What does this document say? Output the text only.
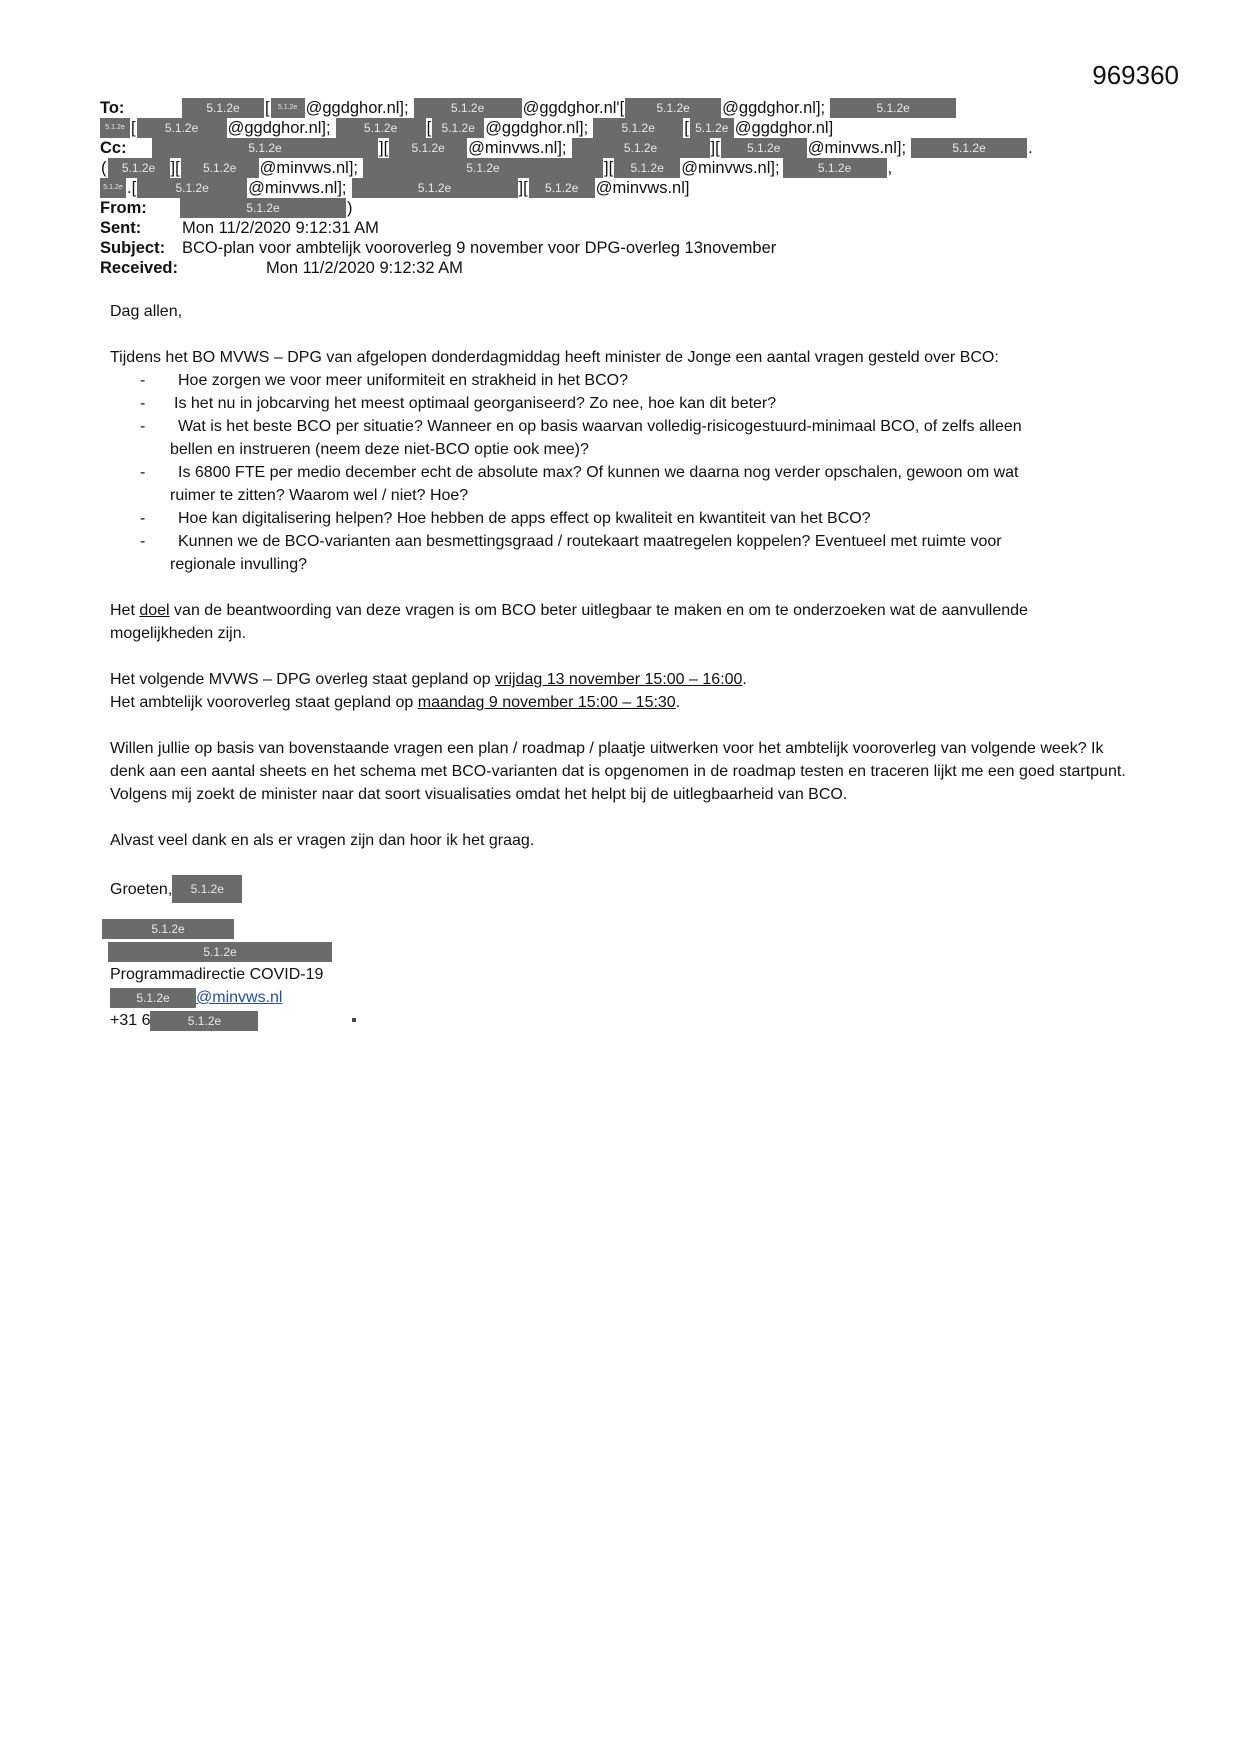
969360
To:	5.1.2e	[	5.1.2e @ggdghor.nl];	5.1.2e	@ggdghor.nl'[	5.1.2e	@ggdghor.nl];	5.1.2e
5.1.2e [	5.1.2e	@ggdghor.nl];	5.1.2e	[ 5.1.2e @ggdghor.nl];	5.1.2e	[ 5.1.2e @ggdghor.nl]
Cc:	5.1.2e	][	5.1.2e	@minvws.nl];	5.1.2e	][	5.1.2e	@minvws.nl];	5.1.2e	.
(	5.1.2e ][	5.1.2e	@minvws.nl];	5.1.2e	][	5.1.2e	@minvws.nl];	5.1.2e	,
5.1.2e .[	5.1.2e	@minvws.nl];	5.1.2e	][	5.1.2e	@minvws.nl]
From:	5.1.2e	)
Sent:	Mon 11/2/2020 9:12:31 AM
Subject:	BCO-plan voor ambtelijk vooroverleg 9 november voor DPG-overleg 13november
Received:	Mon 11/2/2020 9:12:32 AM

Dag allen,

Tijdens het BO MVWS – DPG van afgelopen donderdagmiddag heeft minister de Jonge een aantal vragen gesteld over BCO:
- Hoe zorgen we voor meer uniformiteit en strakheid in het BCO?
- Is het nu in jobcarving het meest optimaal georganiseerd? Zo nee, hoe kan dit beter?
- Wat is het beste BCO per situatie? Wanneer en op basis waarvan volledig-risicogestuurd-minimaal BCO, of zelfs alleen
bellen en instrueren (neem deze niet-BCO optie ook mee)?
- Is 6800 FTE per medio december echt de absolute max? Of kunnen we daarna nog verder opschalen, gewoon om wat
ruimer te zitten? Waarom wel / niet? Hoe?
- Hoe kan digitalisering helpen? Hoe hebben de apps effect op kwaliteit en kwantiteit van het BCO?
- Kunnen we de BCO-varianten aan besmettingsgraad / routekaart maatregelen koppelen? Eventueel met ruimte voor
regionale invulling?

Het doel van de beantwoording van deze vragen is om BCO beter uitlegbaar te maken en om te onderzoeken wat de aanvullende mogelijkheden zijn.

Het volgende MVWS – DPG overleg staat gepland op vrijdag 13 november 15:00 – 16:00.

Het ambtelijk vooroverleg staat gepland op maandag 9 november 15:00 – 15:30.

Willen jullie op basis van bovenstaande vragen een plan / roadmap / plaatje uitwerken voor het ambtelijk vooroverleg van volgende week? Ik denk aan een aantal sheets en het schema met BCO-varianten dat is opgenomen in de roadmap testen en traceren lijkt me een goed startpunt. Volgens mij zoekt de minister naar dat soort visualisaties omdat het helpt bij de uitlegbaarheid van BCO.

Alvast veel dank en als er vragen zijn dan hoor ik het graag.

Groeten,	5.1.2e
5.1.2e
5.1.2e
Programmadirectie COVID-19
5.1.2e	@minvws.nl
+31 6	5.1.2e
